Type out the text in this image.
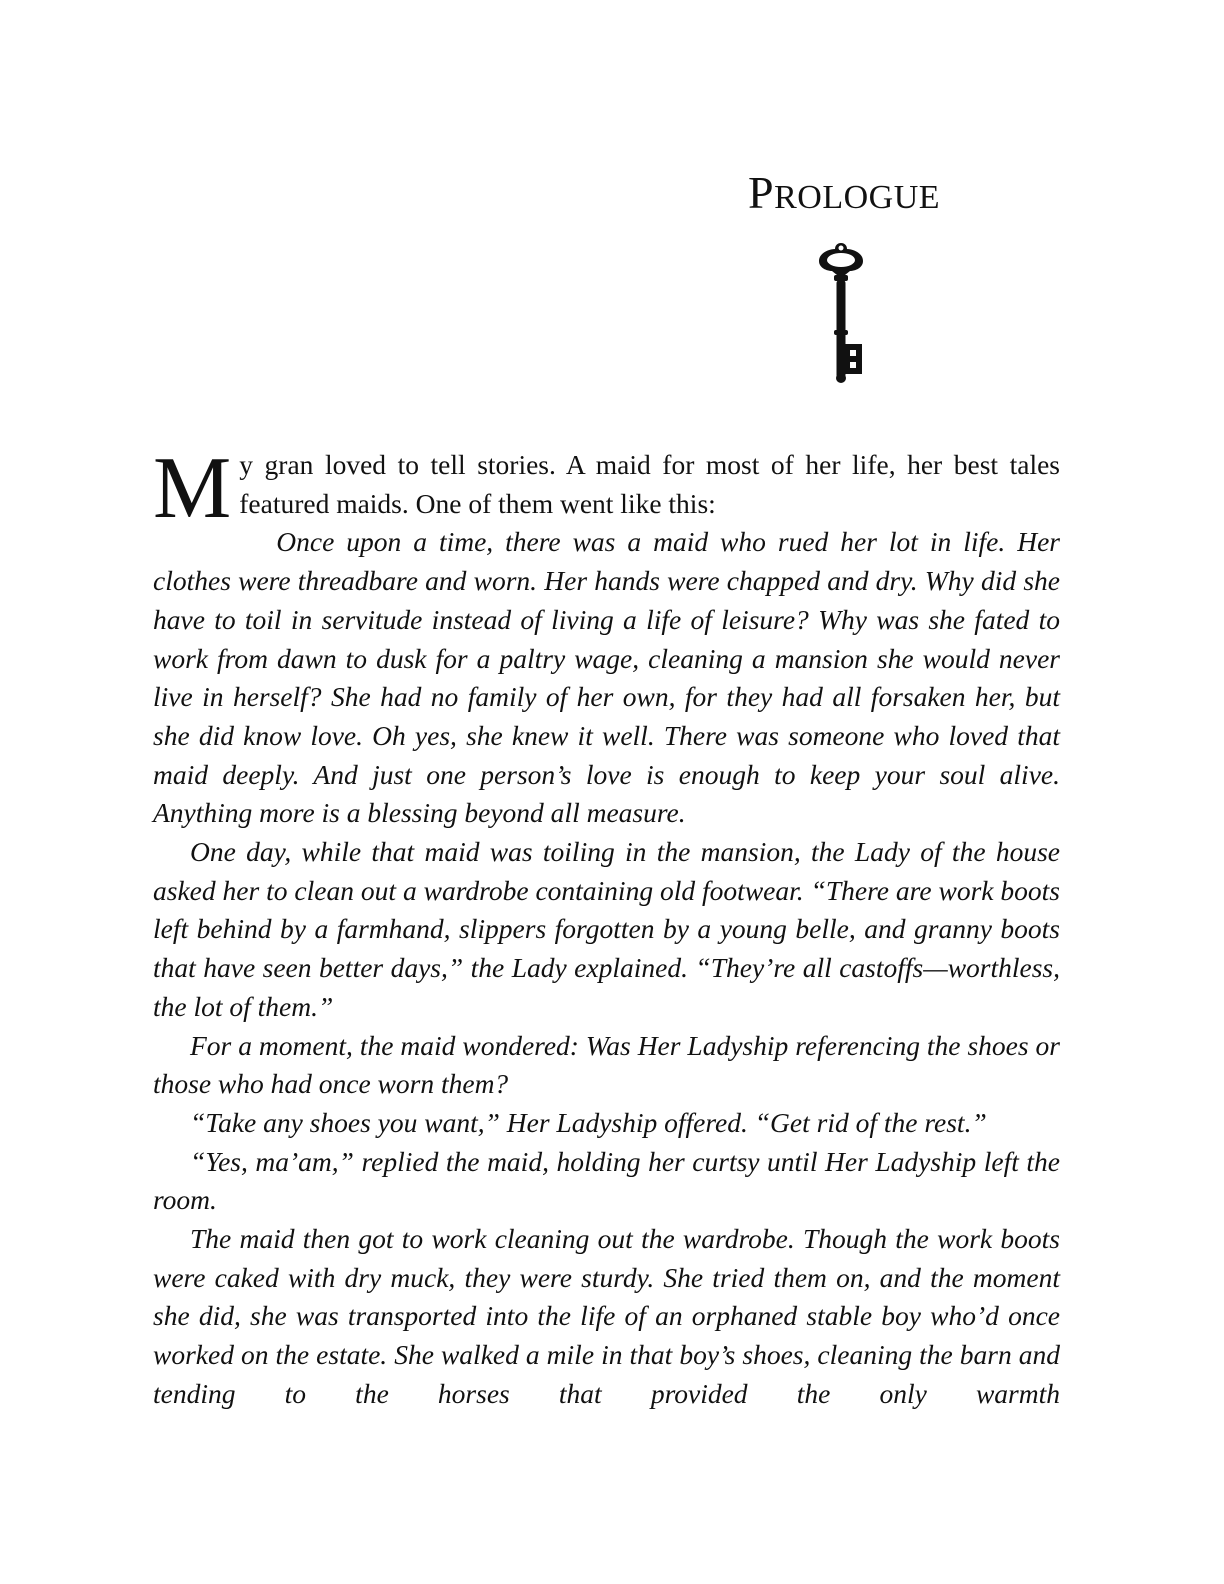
PROLOGUE

My gran loved to tell stories. A maid for most of her life, her best tales featured maids. One of them went like this:

Once upon a time, there was a maid who rued her lot in life. Her clothes were threadbare and worn. Her hands were chapped and dry. Why did she have to toil in servitude instead of living a life of leisure? Why was she fated to work from dawn to dusk for a paltry wage, cleaning a mansion she would never live in herself? She had no family of her own, for they had all forsaken her, but she did know love. Oh yes, she knew it well. There was someone who loved that maid deeply. And just one person’s love is enough to keep your soul alive. Anything more is a blessing beyond all measure.

One day, while that maid was toiling in the mansion, the Lady of the house asked her to clean out a wardrobe containing old footwear. “There are work boots left behind by a farmhand, slippers forgotten by a young belle, and granny boots that have seen better days,” the Lady explained. “They’re all castoffs—worthless, the lot of them.”

For a moment, the maid wondered: Was Her Ladyship referencing the shoes or those who had once worn them?

“Take any shoes you want,” Her Ladyship offered. “Get rid of the rest.”

“Yes, ma’am,” replied the maid, holding her curtsy until Her Ladyship left the room.

The maid then got to work cleaning out the wardrobe. Though the work boots were caked with dry muck, they were sturdy. She tried them on, and the moment she did, she was transported into the life of an orphaned stable boy who’d once worked on the estate. She walked a mile in that boy’s shoes, cleaning the barn and tending to the horses that provided the only warmth
